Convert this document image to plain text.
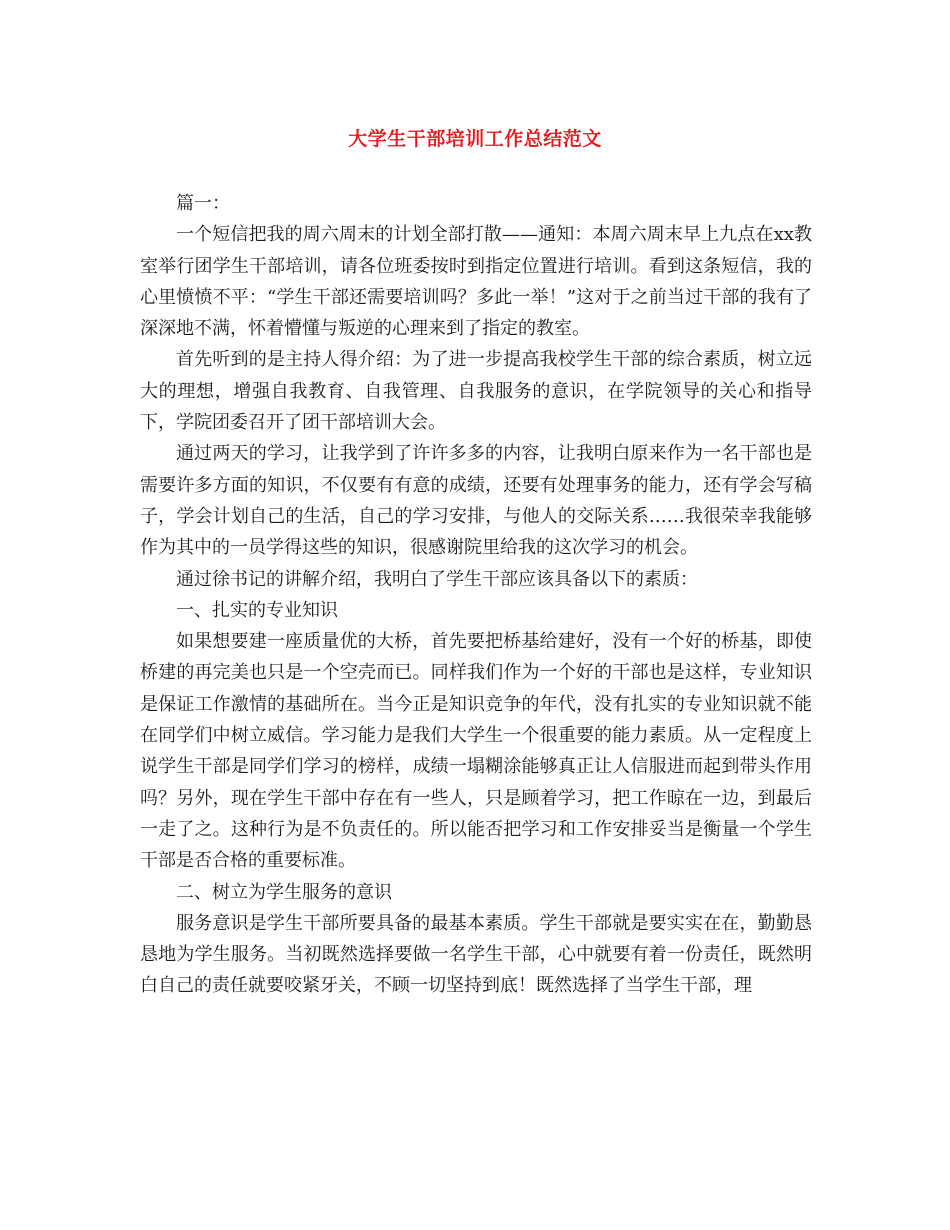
大学生干部培训工作总结范文

篇一：

一个短信把我的周六周末的计划全部打散——通知：本周六周末早上九点在xx教室举行团学生干部培训，请各位班委按时到指定位置进行培训。看到这条短信，我的心里愤愤不平：“学生干部还需要培训吗？多此一举！”这对于之前当过干部的我有了深深地不满，怀着懵懂与叛逆的心理来到了指定的教室。

首先听到的是主持人得介绍：为了进一步提高我校学生干部的综合素质，树立远大的理想，增强自我教育、自我管理、自我服务的意识，在学院领导的关心和指导下，学院团委召开了团干部培训大会。

通过两天的学习，让我学到了许许多多的内容，让我明白原来作为一名干部也是需要许多方面的知识，不仅要有有意的成绩，还要有处理事务的能力，还有学会写稿子，学会计划自己的生活，自己的学习安排，与他人的交际关系……我很荣幸我能够作为其中的一员学得这些的知识，很感谢院里给我的这次学习的机会。

通过徐书记的讲解介绍，我明白了学生干部应该具备以下的素质：

一、扎实的专业知识

如果想要建一座质量优的大桥，首先要把桥基给建好，没有一个好的桥基，即使桥建的再完美也只是一个空壳而已。同样我们作为一个好的干部也是这样，专业知识是保证工作激情的基础所在。当今正是知识竞争的年代，没有扎实的专业知识就不能在同学们中树立威信。学习能力是我们大学生一个很重要的能力素质。从一定程度上说学生干部是同学们学习的榜样，成绩一塌糊涂能够真正让人信服进而起到带头作用吗？另外，现在学生干部中存在有一些人，只是顾着学习，把工作晾在一边，到最后一走了之。这种行为是不负责任的。所以能否把学习和工作安排妥当是衡量一个学生干部是否合格的重要标准。

二、树立为学生服务的意识

服务意识是学生干部所要具备的最基本素质。学生干部就是要实实在在，勤勤恳恳地为学生服务。当初既然选择要做一名学生干部，心中就要有着一份责任，既然明白自己的责任就要咬紧牙关，不顾一切坚持到底！既然选择了当学生干部，理
